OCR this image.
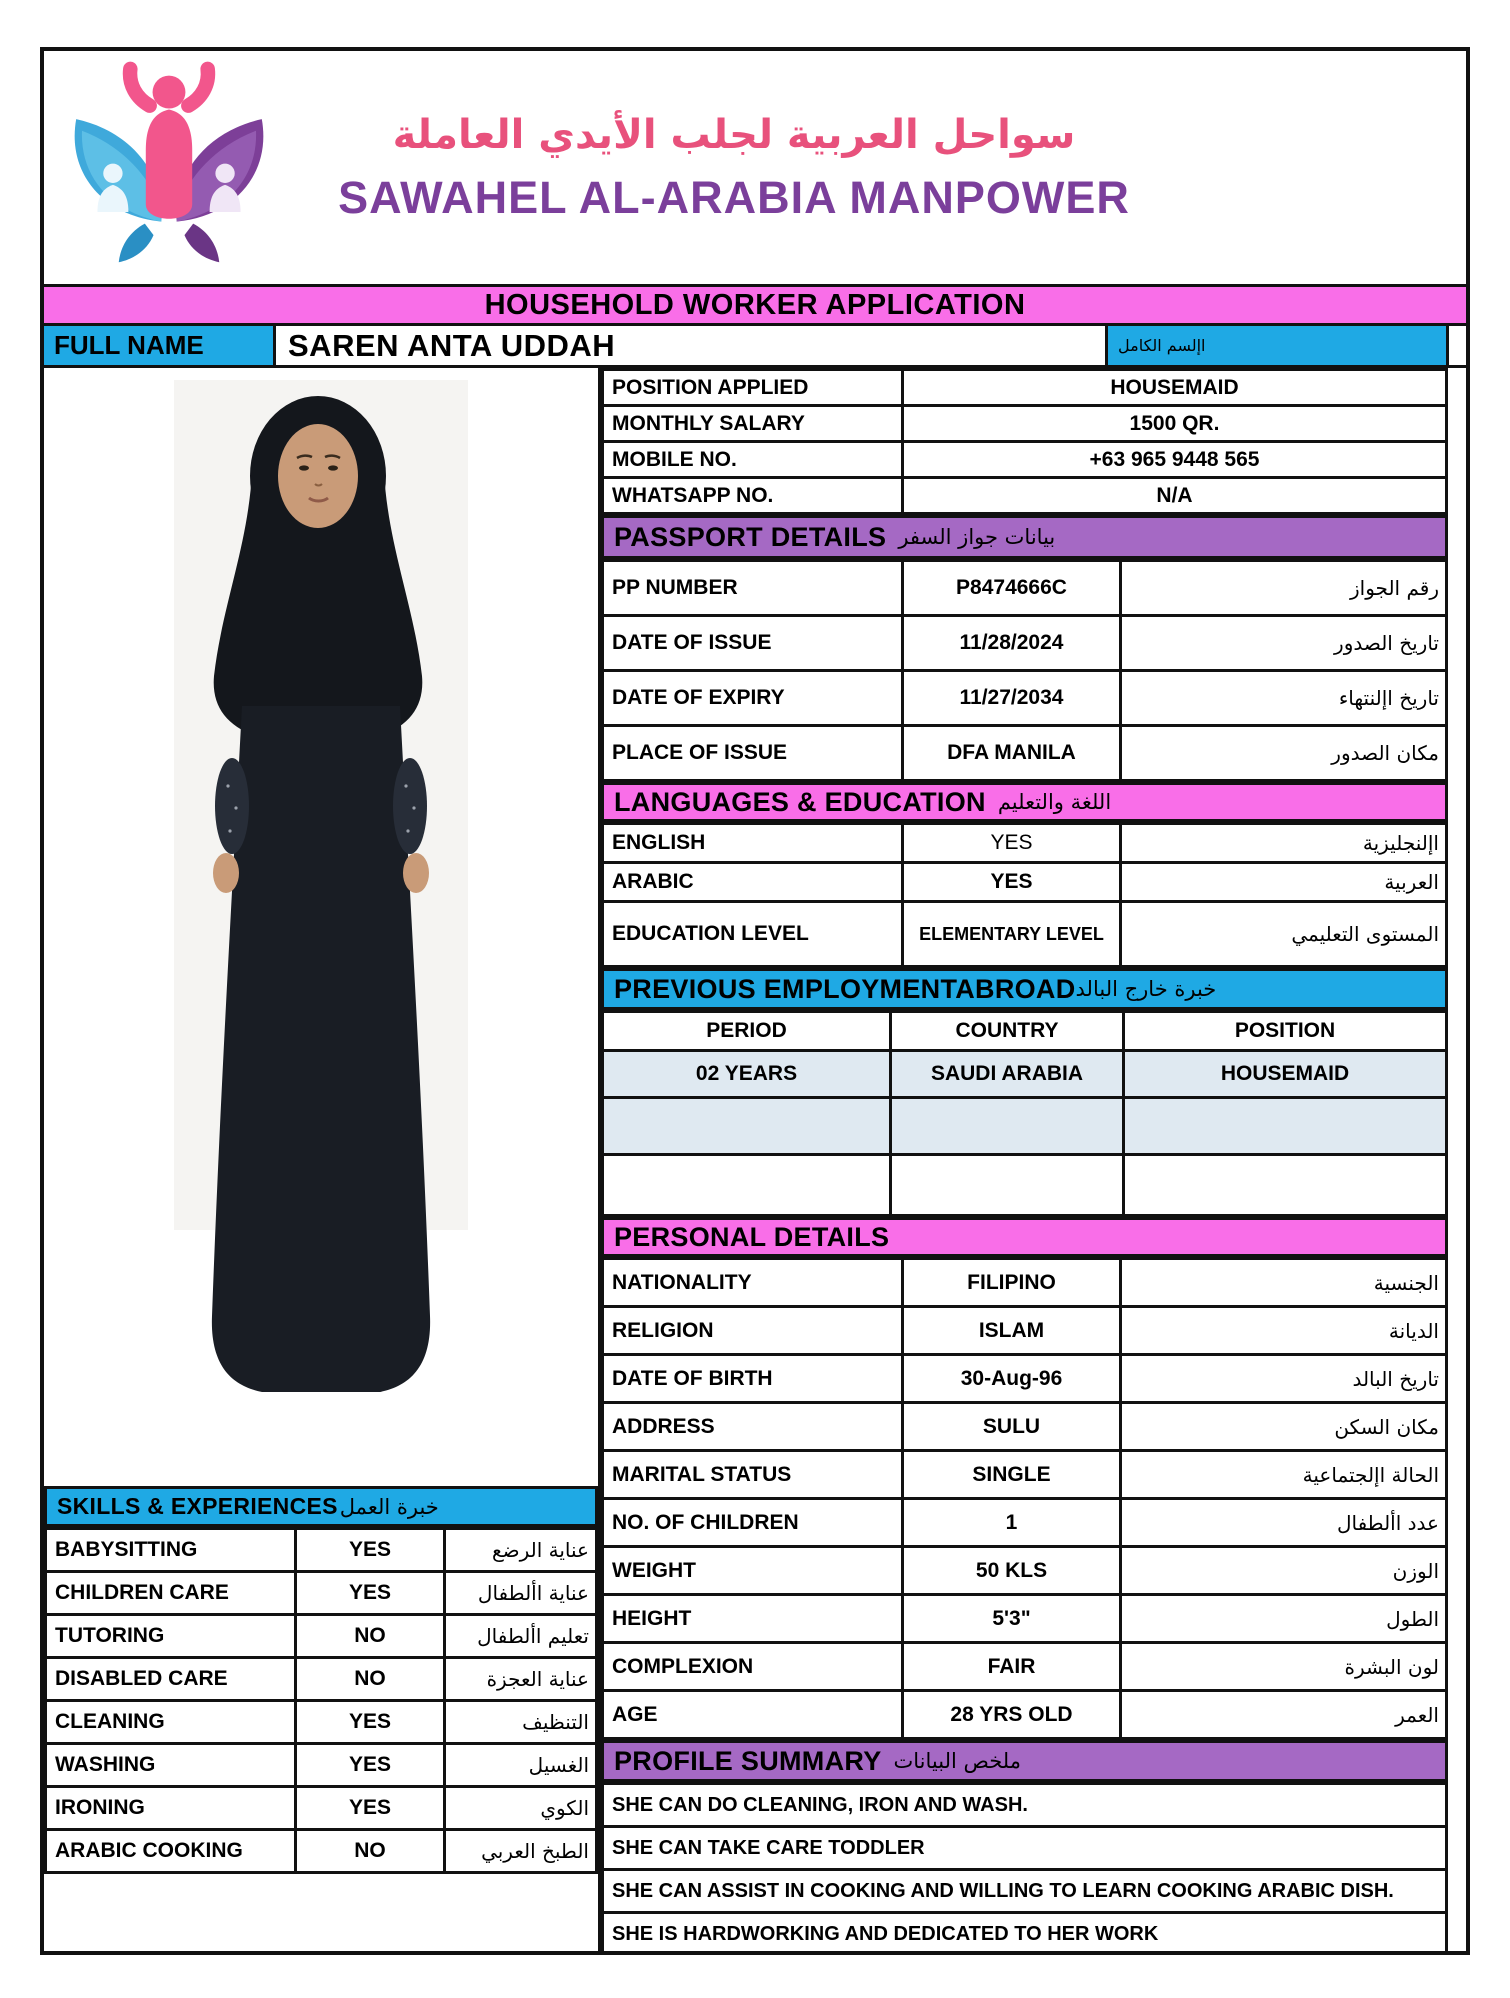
سواحل العربية لجلب الأيدي العاملة
SAWAHEL AL-ARABIA MANPOWER
HOUSEHOLD WORKER APPLICATION
FULL NAME	SAREN ANTA UDDAH	لماكلا مسلإا
SKILLS & EXPERIENCES لمعلا ةربخ
BABYSITTING	YES	عضرلا ةيانع
CHILDREN CARE	YES	لافطلأا ةيانع
TUTORING	NO	لافطلأا ميلعت
DISABLED CARE	NO	ةزجعلا ةيانع
CLEANING	YES	فيظنتلا
WASHING	YES	ليسغلا
IRONING	YES	يوكلا
ARABIC COOKING	NO	يبرعلا خبطلا
POSITION APPLIED	HOUSEMAID
MONTHLY SALARY	1500 QR.
MOBILE NO.	+63 965 9448 565
WHATSAPP NO.	N/A
PASSPORT DETAILS رفسلا زاوج تانايب
PP NUMBER	P8474666C	زاوجلا مقر
DATE OF ISSUE	11/28/2024	رودصلا خيرات
DATE OF EXPIRY	11/27/2034	ءاهتنلإا خيرات
PLACE OF ISSUE	DFA MANILA	رودصلا ناكم
LANGUAGES & EDUCATION ميلعتلاو ةغللا
ENGLISH	YES	ةيزيلجنلإا
ARABIC	YES	ةيبرعلا
EDUCATION LEVEL	ELEMENTARY LEVEL	يميلعتلا ىوتسملا
PREVIOUS EMPLOYMENTABROAD دلابلا جراخ ةربخ
PERIOD	COUNTRY	POSITION
02 YEARS	SAUDI ARABIA	HOUSEMAID
PERSONAL DETAILS
NATIONALITY	FILIPINO	ةيسنجلا
RELIGION	ISLAM	ةنايدلا
DATE OF BIRTH	30-Aug-96	دلابلا خيرات
ADDRESS	SULU	نكسلا ناكم
MARITAL STATUS	SINGLE	ةيعامتجلإا ةلاحلا
NO. OF CHILDREN	1	لافطلأا ددع
WEIGHT	50 KLS	نزولا
HEIGHT	5'3"	لوطلا
COMPLEXION	FAIR	ةرشبلا نول
AGE	28 YRS OLD	رمعلا
PROFILE SUMMARY تانايبلا صخلم
SHE CAN DO CLEANING, IRON AND WASH.
SHE CAN TAKE CARE TODDLER
SHE CAN ASSIST IN COOKING AND WILLING TO LEARN COOKING ARABIC DISH.
SHE IS HARDWORKING AND DEDICATED TO HER WORK
